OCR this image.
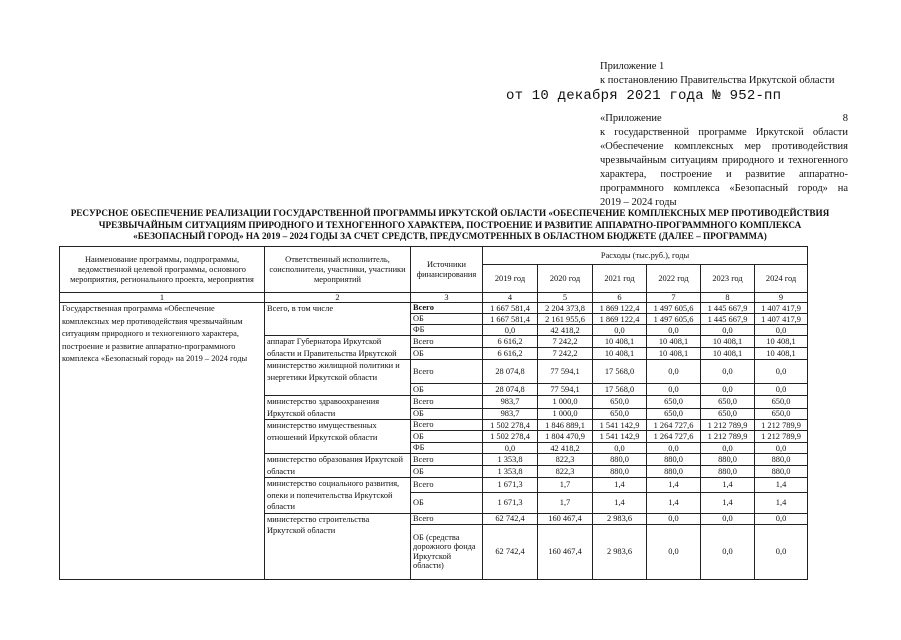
Приложение 1
к постановлению Правительства Иркутской области
от 10 декабря 2021 года № 952-пп
«Приложение 8
к государственной программе Иркутской области
«Обеспечение комплексных мер противодействия
чрезвычайным ситуациям природного и техногенного
характера, построение и развитие аппаратно-
программного комплекса «Безопасный город» на
2019 – 2024 годы
РЕСУРСНОЕ ОБЕСПЕЧЕНИЕ РЕАЛИЗАЦИИ ГОСУДАРСТВЕННОЙ ПРОГРАММЫ ИРКУТСКОЙ ОБЛАСТИ «ОБЕСПЕЧЕНИЕ КОМПЛЕКСНЫХ МЕР ПРОТИВОДЕЙСТВИЯ
ЧРЕЗВЫЧАЙНЫМ СИТУАЦИЯМ ПРИРОДНОГО И ТЕХНОГЕННОГО ХАРАКТЕРА, ПОСТРОЕНИЕ И РАЗВИТИЕ АППАРАТНО-ПРОГРАММНОГО КОМПЛЕКСА
«БЕЗОПАСНЫЙ ГОРОД» НА 2019 – 2024 ГОДЫ ЗА СЧЕТ СРЕДСТВ, ПРЕДУСМОТРЕННЫХ В ОБЛАСТНОМ БЮДЖЕТЕ (ДАЛЕЕ – ПРОГРАММА)
Наименование программы, подпрограммы, ведомственной целевой программы, основного мероприятия, регионального проекта, мероприятия	Ответственный исполнитель, соисполнители, участники, участники мероприятий	Источники финансирования	Расходы (тыс.руб.), годы					
			2019 год	2020 год	2021 год	2022 год	2023 год	2024 год
1	2	3	4	5	6	7	8	9
Государственная программа «Обеспечение комплексных мер противодействия чрезвычайным ситуациям природного и техногенного характера, построение и развитие аппаратно-программного комплекса «Безопасный город» на 2019 – 2024 годы	Всего, в том числе	Всего	1 667 581,4	2 204 373,8	1 869 122,4	1 497 605,6	1 445 667,9	1 407 417,9
		ОБ	1 667 581,4	2 161 955,6	1 869 122,4	1 497 605,6	1 445 667,9	1 407 417,9
		ФБ	0,0	42 418,2	0,0	0,0	0,0	0,0
	аппарат Губернатора Иркутской области и Правительства Иркутской	Всего	6 616,2	7 242,2	10 408,1	10 408,1	10 408,1	10 408,1
		ОБ	6 616,2	7 242,2	10 408,1	10 408,1	10 408,1	10 408,1
	министерство жилищной политики и энергетики Иркутской области	Всего	28 074,8	77 594,1	17 568,0	0,0	0,0	0,0
		ОБ	28 074,8	77 594,1	17 568,0	0,0	0,0	0,0
	министерство здравоохранения Иркутской области	Всего	983,7	1 000,0	650,0	650,0	650,0	650,0
		ОБ	983,7	1 000,0	650,0	650,0	650,0	650,0
	министерство имущественных отношений Иркутской области	Всего	1 502 278,4	1 846 889,1	1 541 142,9	1 264 727,6	1 212 789,9	1 212 789,9
		ОБ	1 502 278,4	1 804 470,9	1 541 142,9	1 264 727,6	1 212 789,9	1 212 789,9
		ФБ	0,0	42 418,2	0,0	0,0	0,0	0,0
	министерство образования Иркутской области	Всего	1 353,8	822,3	880,0	880,0	880,0	880,0
		ОБ	1 353,8	822,3	880,0	880,0	880,0	880,0
	министерство социального развития, опеки и попечительства Иркутской области	Всего	1 671,3	1,7	1,4	1,4	1,4	1,4
		ОБ	1 671,3	1,7	1,4	1,4	1,4	1,4
	министерство строительства Иркутской области	Всего	62 742,4	160 467,4	2 983,6	0,0	0,0	0,0
		ОБ (средства дорожного фонда Иркутской области)	62 742,4	160 467,4	2 983,6	0,0	0,0	0,0
